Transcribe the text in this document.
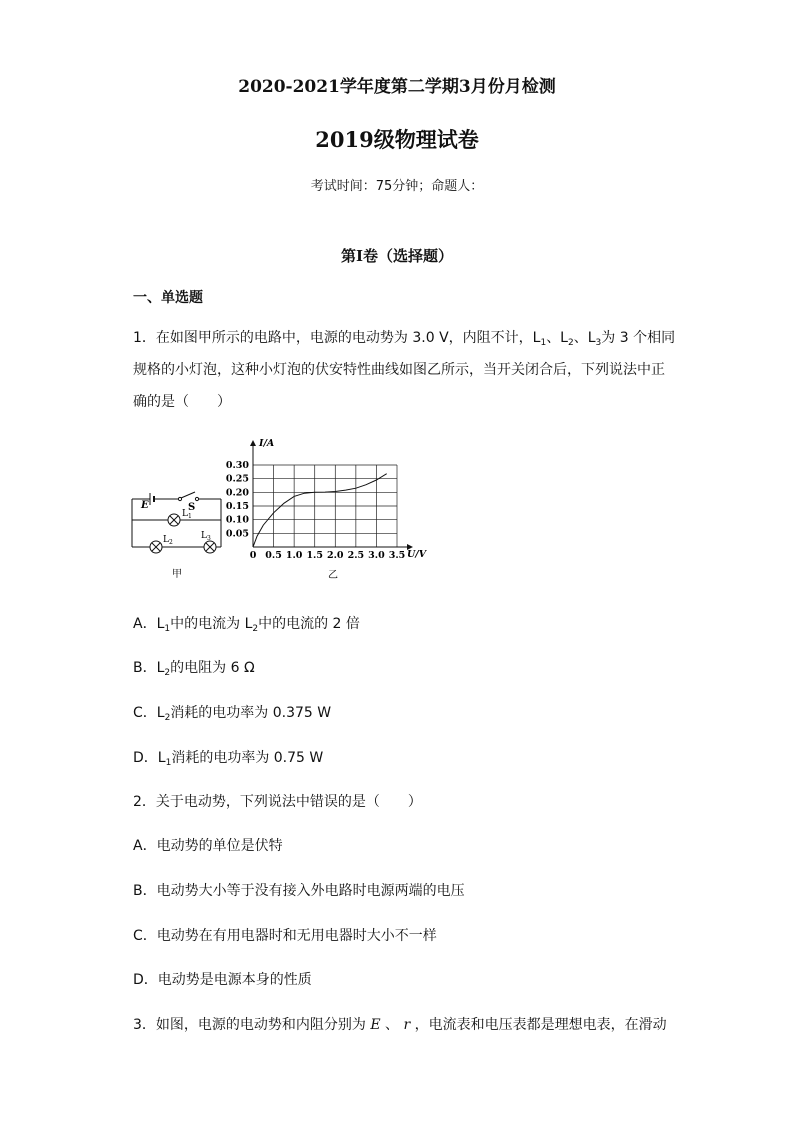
2020-2021学年度第二学期3月份月检测
2019级物理试卷
考试时间：75分钟；命题人：
第I卷（选择题）
一、单选题
1．在如图甲所示的电路中，电源的电动势为 3.0 V，内阻不计，$L_1$、$L_2$、$L_3$为 3 个相同
规格的小灯泡，这种小灯泡的伏安特性曲线如图乙所示，当开关闭合后，下列说法中正
确的是（　　）
E	S
$L_1$
$L_2$
$L_3$
甲
0 0.5 1.0 1.5 2.0 2.5 3.0 3.5
0.05
0.10
0.15
0.20
0.25
0.30
U/V
I/A
乙
A．$L_1$中的电流为 $L_2$中的电流的 2 倍
B．$L_2$的电阻为 6 Ω
C．$L_2$消耗的电功率为 0.375 W
D．$L_1$消耗的电功率为 0.75 W
2．关于电动势，下列说法中错误的是（　　）
A．电动势的单位是伏特
B．电动势大小等于没有接入外电路时电源两端的电压
C．电动势在有用电器时和无用电器时大小不一样
D．电动势是电源本身的性质
3．如图，电源的电动势和内阻分别为 E 、 r ，电流表和电压表都是理想电表，在滑动
